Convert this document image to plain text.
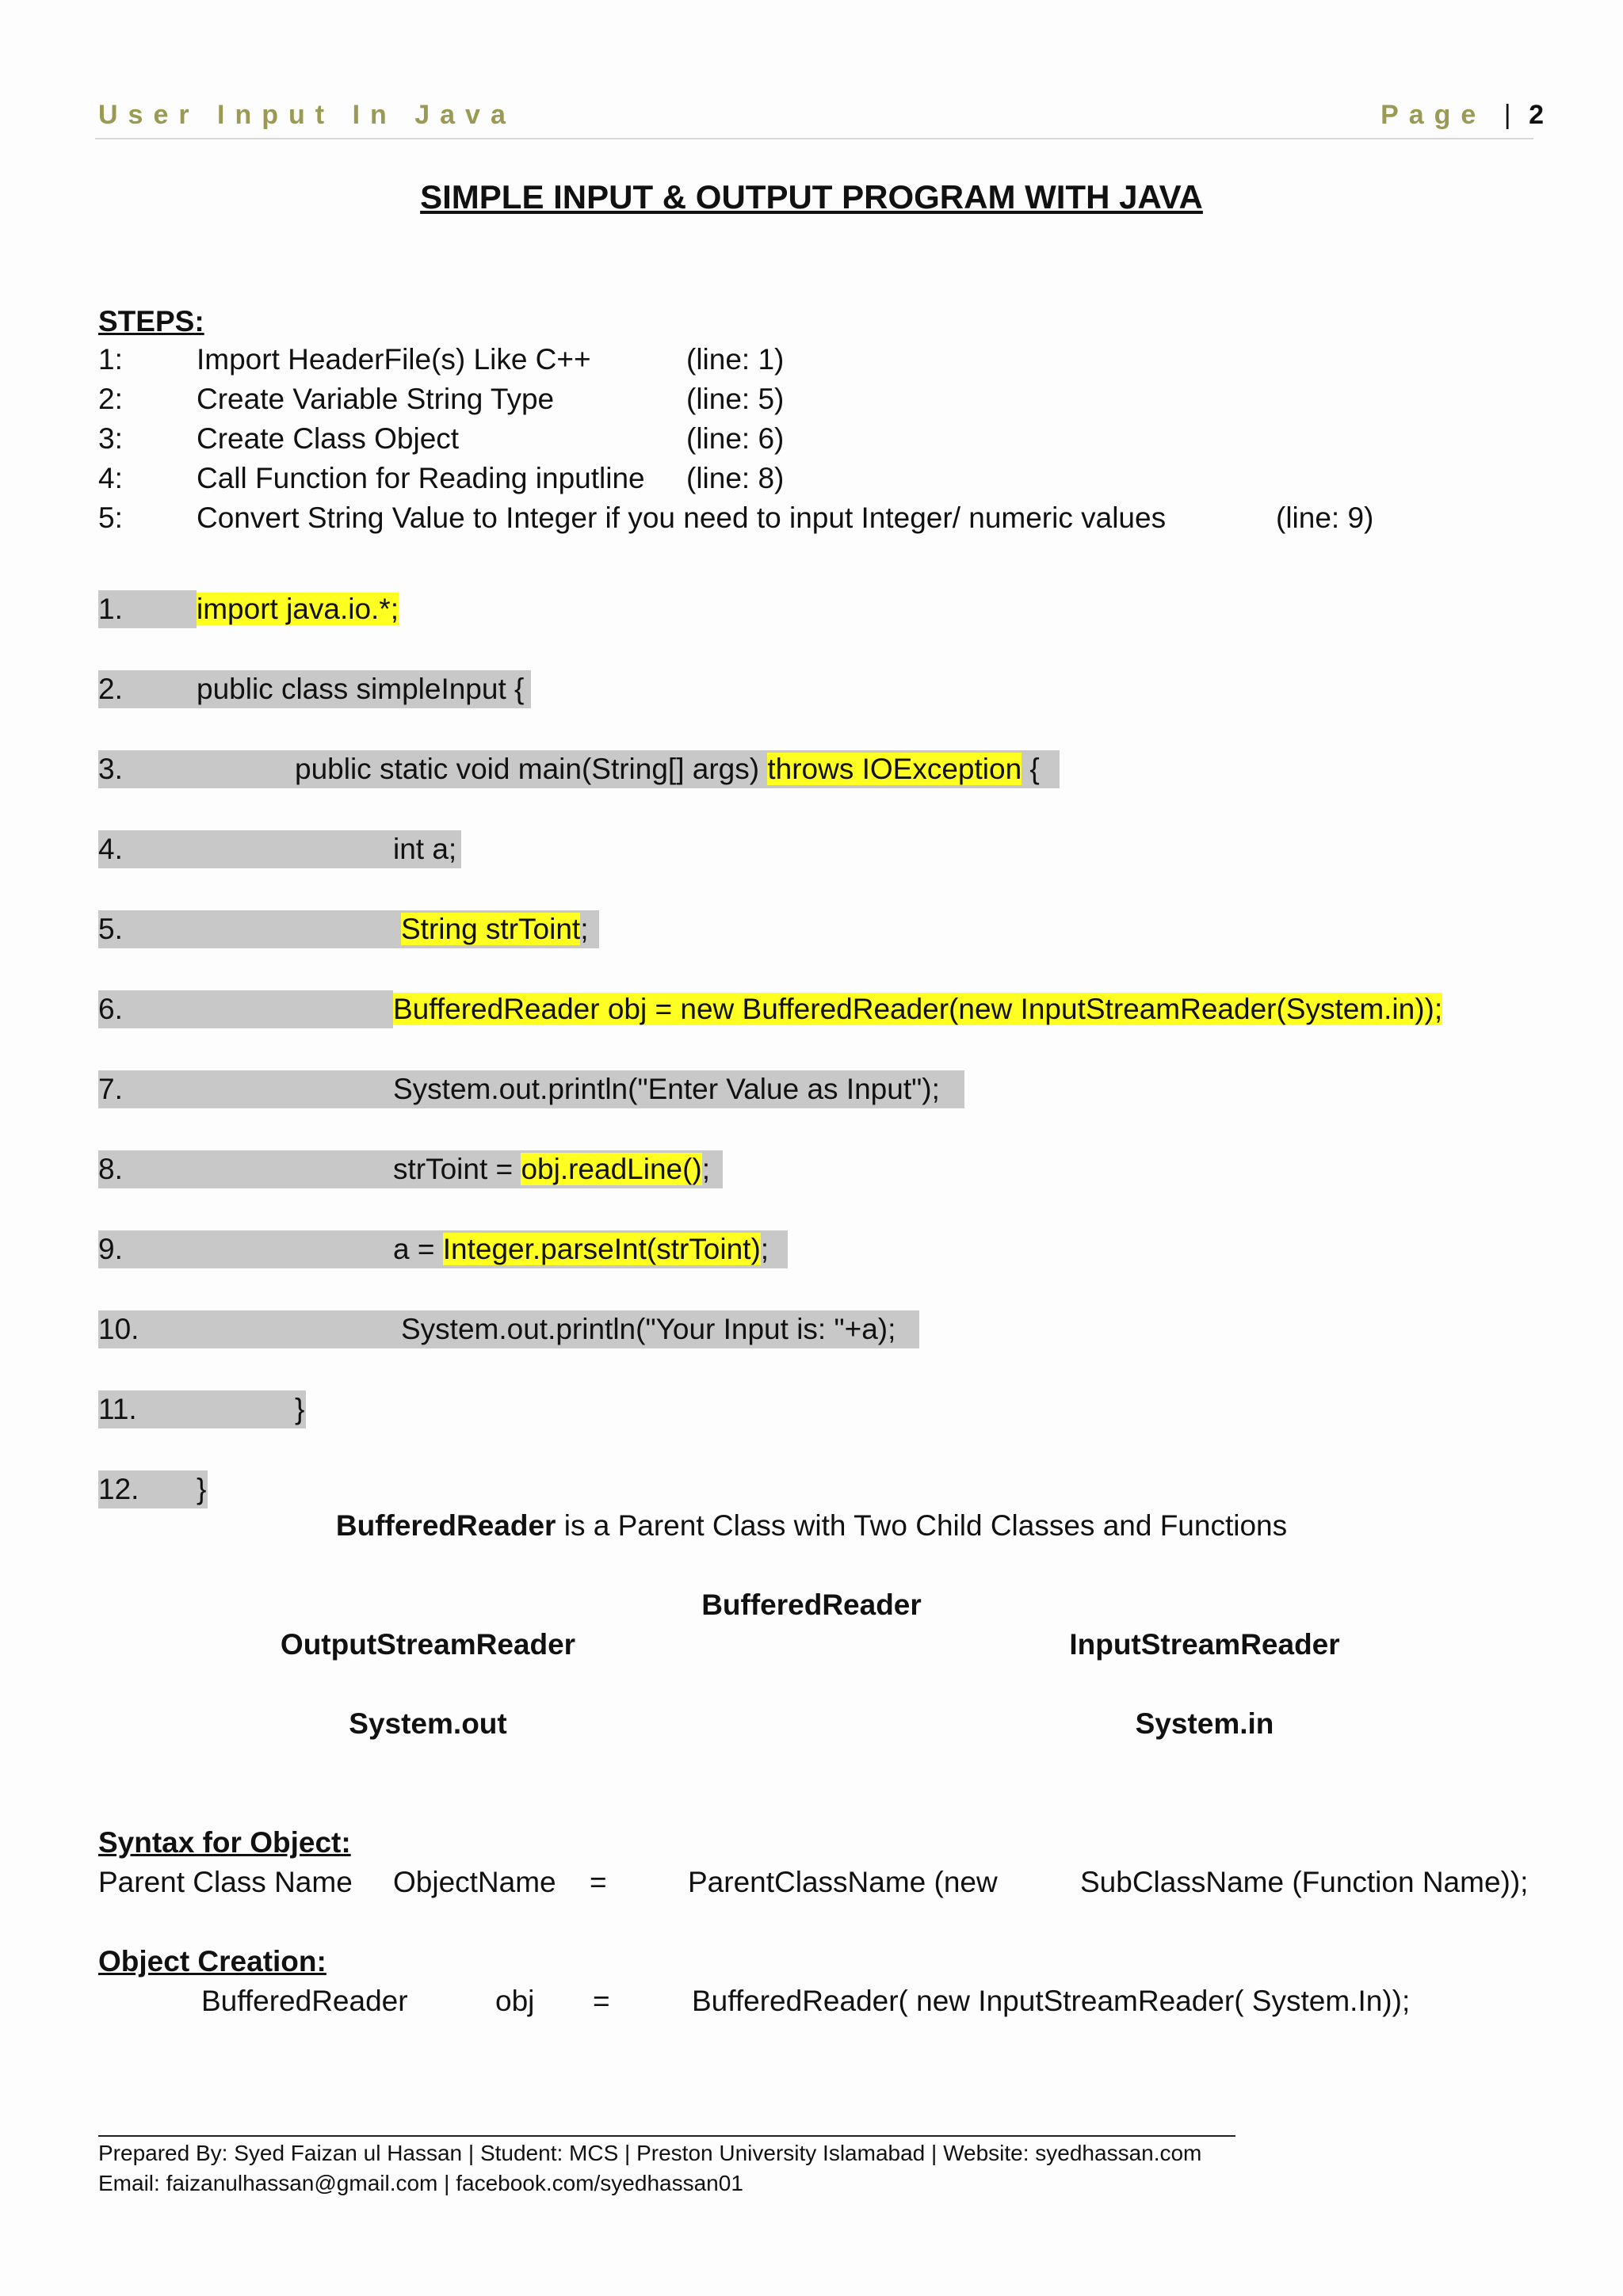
User Input In Java	Page | 2
SIMPLE INPUT & OUTPUT PROGRAM WITH JAVA
STEPS:
1:	Import HeaderFile(s) Like C++	(line: 1)
2:	Create Variable String Type	(line: 5)
3:	Create Class Object	(line: 6)
4:	Call Function for Reading inputline (line: 8)
5:	Convert String Value to Integer if you need to input Integer/ numeric values	(line: 9)
1.	import java.io.*;
2.	public class simpleInput {
3.	public static void main(String[] args) throws IOException {
4.	int a;
5.	String strToint;
6.	BufferedReader obj = new BufferedReader(new InputStreamReader(System.in));
7.	System.out.println("Enter Value as Input");
8.	strToint = obj.readLine();
9.	a = Integer.parseInt(strToint);
10.	System.out.println("Your Input is: "+a);
11.	}
12. }
BufferedReader is a Parent Class with Two Child Classes and Functions
BufferedReader
OutputStreamReader	InputStreamReader
System.out	System.in
Syntax for Object:
Parent Class Name ObjectName =	ParentClassName (new	SubClassName (Function Name));
Object Creation:
BufferedReader	obj =	BufferedReader( new InputStreamReader( System.In));
Prepared By: Syed Faizan ul Hassan | Student: MCS | Preston University Islamabad | Website: syedhassan.com
Email: faizanulhassan@gmail.com | facebook.com/syedhassan01
